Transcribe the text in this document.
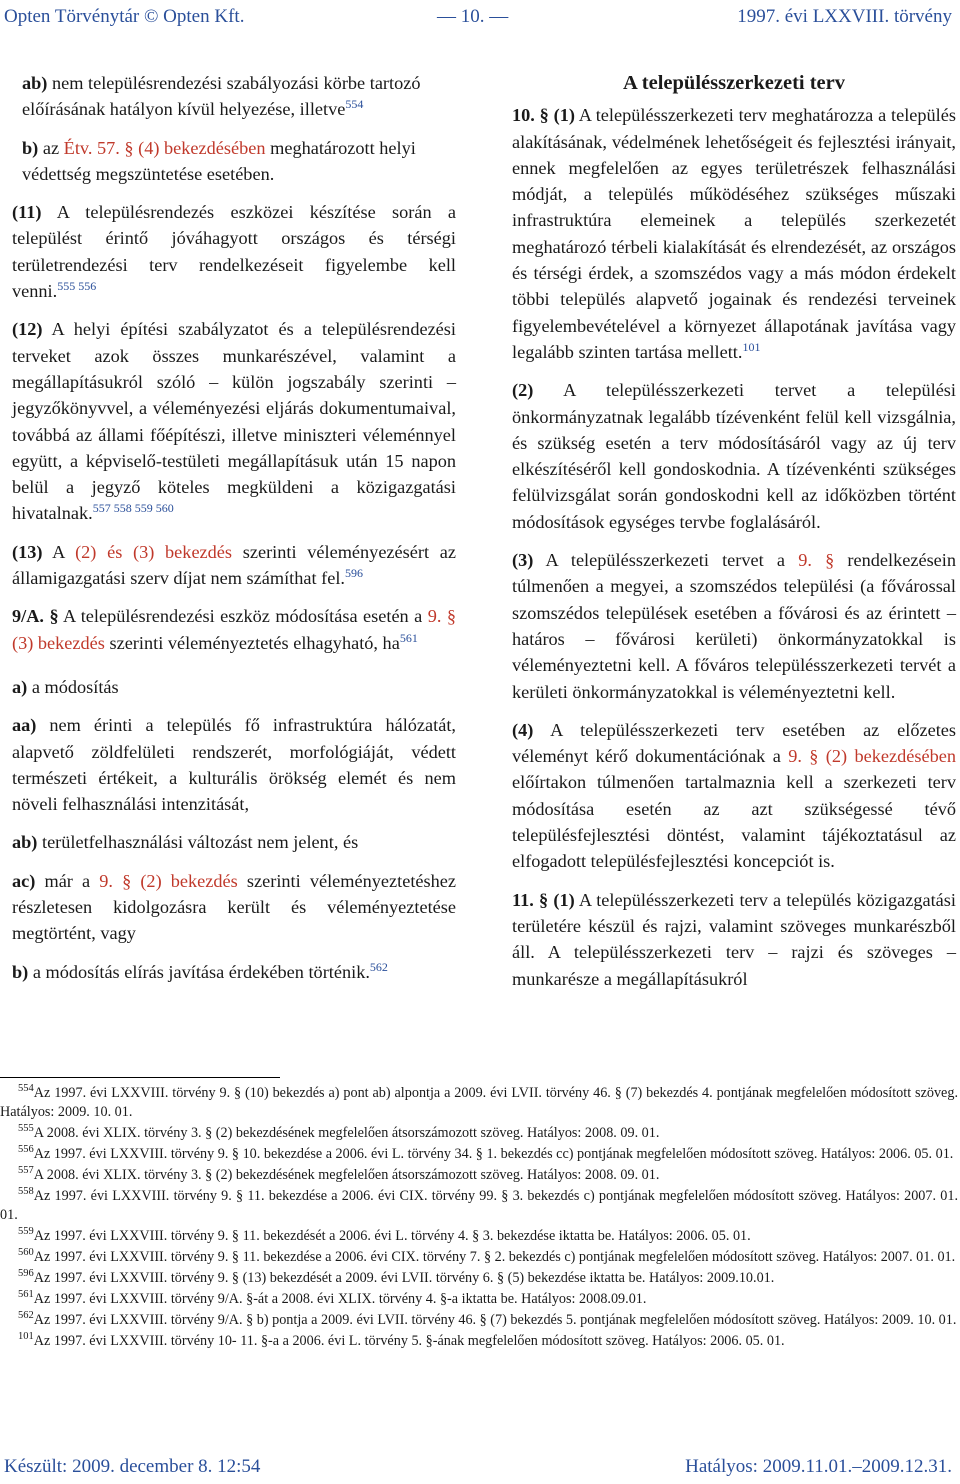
Opten Törvénytár © Opten Kft.	— 10. —	1997. évi LXXVIII. törvény

ab) nem településrendezési szabályozási körbe tartozó előírásának hatályon kívül helyezése, illetve$^{554}$

b) az Étv. 57. § (4) bekezdésében meghatározott helyi védettség megszüntetése esetében.

(11) A településrendezés eszközei készítése során a települést érintő jóváhagyott országos és térségi területrendezési terv rendelkezéseit figyelembe kell venni.$^{555 556}$

(12) A helyi építési szabályzatot és a településrendezési terveket azok összes munkarészével, valamint a megállapításukról szóló – külön jogszabály szerinti – jegyzőkönyvvel, a véleményezési eljárás dokumentumaival, továbbá az állami főépítészi, illetve miniszteri véleménnyel együtt, a képviselő-testületi megállapításuk után 15 napon belül a jegyző köteles megküldeni a közigazgatási hivatalnak.$^{557 558 559 560}$

(13) A (2) és (3) bekezdés szerinti véleményezésért az államigazgatási szerv díjat nem számíthat fel.$^{596}$

9/A. § A településrendezési eszköz módosítása esetén a 9. § (3) bekezdés szerinti véleményeztetés elhagyható, $ha^{561}$

a) a módosítás

aa) nem érinti a település fő infrastruktúra hálózatát, alapvető zöldfelületi rendszerét, morfológiáját, védett természeti értékeit, a kulturális örökség elemét és nem növeli felhasználási intenzitását,

ab) területfelhasználási változást nem jelent, és

ac) már a 9. § (2) bekezdés szerinti véleményeztetéshez részletesen kidolgozásra került és véleményeztetése megtörtént, vagy

b) a módosítás elírás javítása érdekében történik.$^{562}$

A településszerkezeti terv

10. § (1) A településszerkezeti terv meghatározza a település alakításának, védelmének lehetőségeit és fejlesztési irányait, ennek megfelelően az egyes területrészek felhasználási módját, a település működéséhez szükséges műszaki infrastruktúra elemeinek a település szerkezetét meghatározó térbeli kialakítását és elrendezését, az országos és térségi érdek, a szomszédos vagy a más módon érdekelt többi település alapvető jogainak és rendezési terveinek figyelembevételével a környezet állapotának javítása vagy legalább szinten tartása mellett.$^{101}$

(2) A településszerkezeti tervet a települési önkormányzatnak legalább tízévenként felül kell vizsgálnia, és szükség esetén a terv módosításáról vagy az új terv elkészítéséről kell gondoskodnia. A tízévenkénti szükséges felülvizsgálat során gondoskodni kell az időközben történt módosítások egységes tervbe foglalásáról.

(3) A településszerkezeti tervet a 9. § rendelkezésein túlmenően a megyei, a szomszédos települési (a fővárossal szomszédos települések esetében a fővárosi és az érintett – határos – fővárosi kerületi) önkormányzatokkal is véleményeztetni kell. A főváros településszerkezeti tervét a kerületi önkormányzatokkal is véleményeztetni kell.

(4) A településszerkezeti terv esetében az előzetes véleményt kérő dokumentációnak a 9. § (2) bekezdésében előírtakon túlmenően tartalmaznia kell a szerkezeti terv módosítása esetén az azt szükségessé tévő településfejlesztési döntést, valamint tájékoztatásul az elfogadott településfejlesztési koncepciót is.

11. § (1) A településszerkezeti terv a település közigazgatási területére készül és rajzi, valamint szöveges munkarészből áll. A településszerkezeti terv – rajzi és szöveges – munkarésze a megállapításukról

$^{554}$Az 1997. évi LXXVIII. törvény 9. § (10) bekezdés a) pont ab) alpontja a 2009. évi LVII. törvény 46. § (7) bekezdés 4. pontjának megfelelően módosított szöveg. Hatályos: 2009. 10. 01.
$^{555}$A 2008. évi XLIX. törvény 3. § (2) bekezdésének megfelelően átsorszámozott szöveg. Hatályos: 2008. 09. 01.
$^{556}$Az 1997. évi LXXVIII. törvény 9. § 10. bekezdése a 2006. évi L. törvény 34. § 1. bekezdés cc) pontjának megfelelően módosított szöveg. Hatályos: 2006. 05. 01.
$^{557}$A 2008. évi XLIX. törvény 3. § (2) bekezdésének megfelelően átsorszámozott szöveg. Hatályos: 2008. 09. 01.
$^{558}$Az 1997. évi LXXVIII. törvény 9. § 11. bekezdése a 2006. évi CIX. törvény 99. § 3. bekezdés c) pontjának megfelelően módosított szöveg. Hatályos: 2007. 01. 01.
$^{559}$Az 1997. évi LXXVIII. törvény 9. § 11. bekezdését a 2006. évi L. törvény 4. § 3. bekezdése iktatta be. Hatályos: 2006. 05. 01.
$^{560}$Az 1997. évi LXXVIII. törvény 9. § 11. bekezdése a 2006. évi CIX. törvény 7. § 2. bekezdés c) pontjának megfelelően módosított szöveg. Hatályos: 2007. 01. 01.
$^{596}$Az 1997. évi LXXVIII. törvény 9. § (13) bekezdését a 2009. évi LVII. törvény 6. § (5) bekezdése iktatta be. Hatályos: 2009.10.01.
$^{561}$Az 1997. évi LXXVIII. törvény 9/A. §-át a 2008. évi XLIX. törvény 4. §-a iktatta be. Hatályos: 2008.09.01.
$^{562}$Az 1997. évi LXXVIII. törvény 9/A. § b) pontja a 2009. évi LVII. törvény 46. § (7) bekezdés 5. pontjának megfelelően módosított szöveg. Hatályos: 2009. 10. 01.
$^{101}$Az 1997. évi LXXVIII. törvény 10- 11. §-a a 2006. évi L. törvény 5. §-ának megfelelően módosított szöveg. Hatályos: 2006. 05. 01.
Készült: 2009. december 8. 12:54	Hatályos: 2009.11.01.–2009.12.31.
